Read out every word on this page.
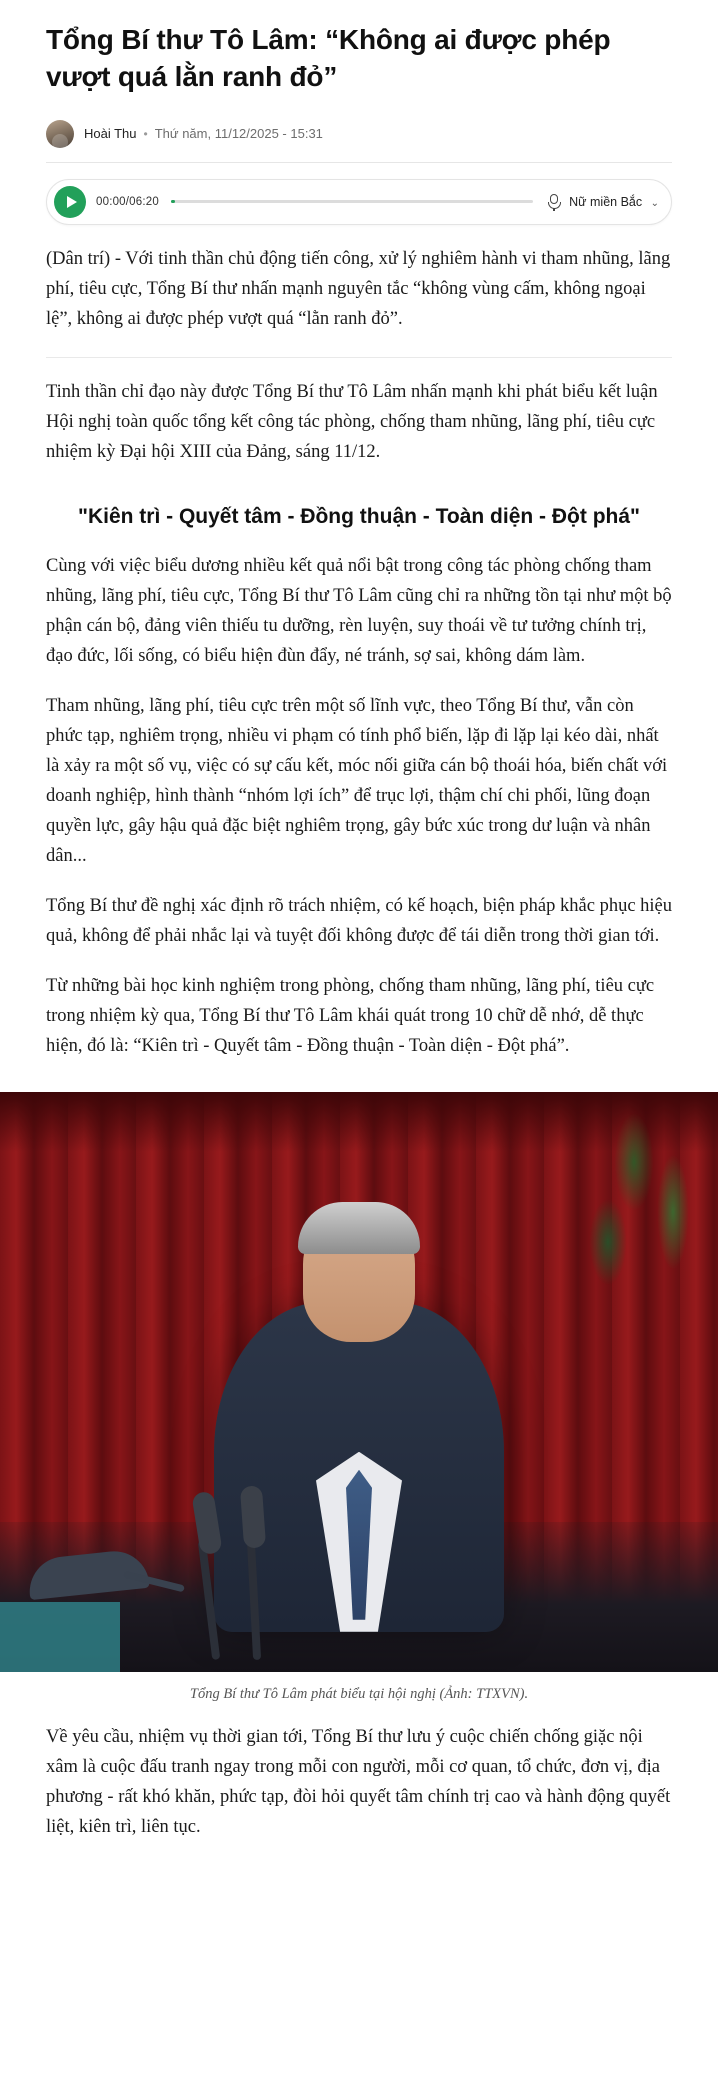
Tổng Bí thư Tô Lâm: “Không ai được phép vượt quá lằn ranh đỏ”
Hoài Thu • Thứ năm, 11/12/2025 - 15:31
00:00/06:20	Nữ miền Bắc ⌄

(Dân trí) - Với tinh thần chủ động tiến công, xử lý nghiêm hành vi tham nhũng, lãng phí, tiêu cực, Tổng Bí thư nhấn mạnh nguyên tắc “không vùng cấm, không ngoại lệ”, không ai được phép vượt quá “lằn ranh đỏ”.

Tinh thần chỉ đạo này được Tổng Bí thư Tô Lâm nhấn mạnh khi phát biểu kết luận Hội nghị toàn quốc tổng kết công tác phòng, chống tham nhũng, lãng phí, tiêu cực nhiệm kỳ Đại hội XIII của Đảng, sáng 11/12.

"Kiên trì - Quyết tâm - Đồng thuận - Toàn diện - Đột phá"

Cùng với việc biểu dương nhiều kết quả nổi bật trong công tác phòng chống tham nhũng, lãng phí, tiêu cực, Tổng Bí thư Tô Lâm cũng chỉ ra những tồn tại như một bộ phận cán bộ, đảng viên thiếu tu dưỡng, rèn luyện, suy thoái về tư tưởng chính trị, đạo đức, lối sống, có biểu hiện đùn đẩy, né tránh, sợ sai, không dám làm.

Tham nhũng, lãng phí, tiêu cực trên một số lĩnh vực, theo Tổng Bí thư, vẫn còn phức tạp, nghiêm trọng, nhiều vi phạm có tính phổ biến, lặp đi lặp lại kéo dài, nhất là xảy ra một số vụ, việc có sự cấu kết, móc nối giữa cán bộ thoái hóa, biến chất với doanh nghiệp, hình thành “nhóm lợi ích” để trục lợi, thậm chí chi phối, lũng đoạn quyền lực, gây hậu quả đặc biệt nghiêm trọng, gây bức xúc trong dư luận và nhân dân...

Tổng Bí thư đề nghị xác định rõ trách nhiệm, có kế hoạch, biện pháp khắc phục hiệu quả, không để phải nhắc lại và tuyệt đối không được để tái diễn trong thời gian tới.

Từ những bài học kinh nghiệm trong phòng, chống tham nhũng, lãng phí, tiêu cực trong nhiệm kỳ qua, Tổng Bí thư Tô Lâm khái quát trong 10 chữ dễ nhớ, dễ thực hiện, đó là: “Kiên trì - Quyết tâm - Đồng thuận - Toàn diện - Đột phá”.

Tổng Bí thư Tô Lâm phát biểu tại hội nghị (Ảnh: TTXVN).

Về yêu cầu, nhiệm vụ thời gian tới, Tổng Bí thư lưu ý cuộc chiến chống giặc nội xâm là cuộc đấu tranh ngay trong mỗi con người, mỗi cơ quan, tổ chức, đơn vị, địa phương - rất khó khăn, phức tạp, đòi hỏi quyết tâm chính trị cao và hành động quyết liệt, kiên trì, liên tục.
